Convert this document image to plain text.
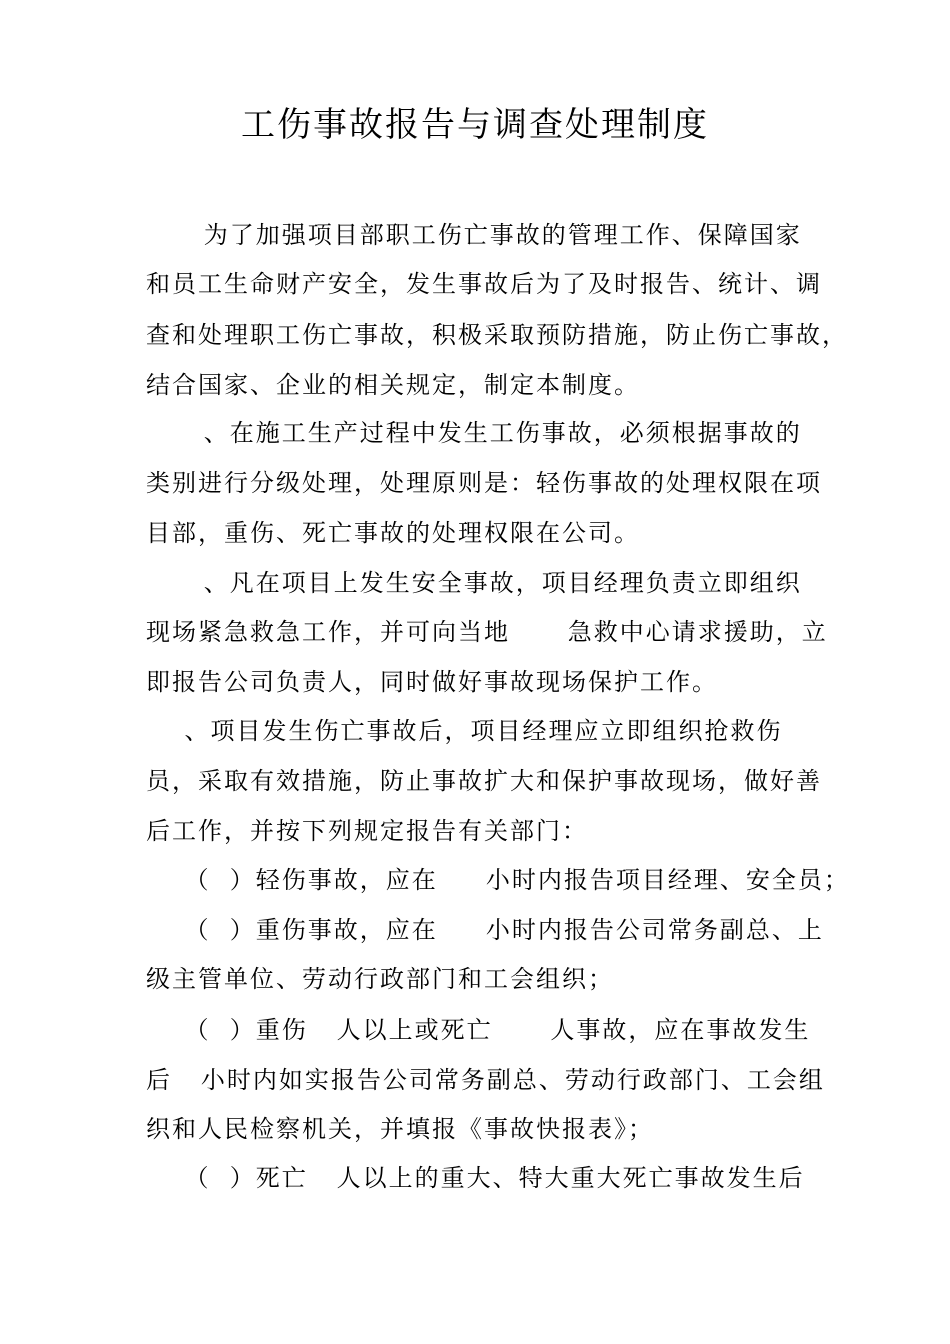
工伤事故报告与调查处理制度
为了加强项目部职工伤亡事故的管理工作、保障国家
和员工生命财产安全，发生事故后为了及时报告、统计、调
查和处理职工伤亡事故，积极采取预防措施，防止伤亡事故，
结合国家、企业的相关规定，制定本制度。
、在施工生产过程中发生工伤事故，必须根据事故的
类别进行分级处理，处理原则是：轻伤事故的处理权限在项
目部，重伤、死亡事故的处理权限在公司。
、凡在项目上发生安全事故，项目经理负责立即组织
现场紧急救急工作，并可向当地      急救中心请求援助，立
即报告公司负责人，同时做好事故现场保护工作。
、项目发生伤亡事故后，项目经理应立即组织抢救伤
员，采取有效措施，防止事故扩大和保护事故现场，做好善
后工作，并按下列规定报告有关部门：
（  ）轻伤事故，应在     小时内报告项目经理、安全员；
（  ）重伤事故，应在     小时内报告公司常务副总、上
级主管单位、劳动行政部门和工会组织；
（  ）重伤   人以上或死亡      人事故，应在事故发生
后   小时内如实报告公司常务副总、劳动行政部门、工会组
织和人民检察机关，并填报《事故快报表》；
（  ）死亡   人以上的重大、特大重大死亡事故发生后
